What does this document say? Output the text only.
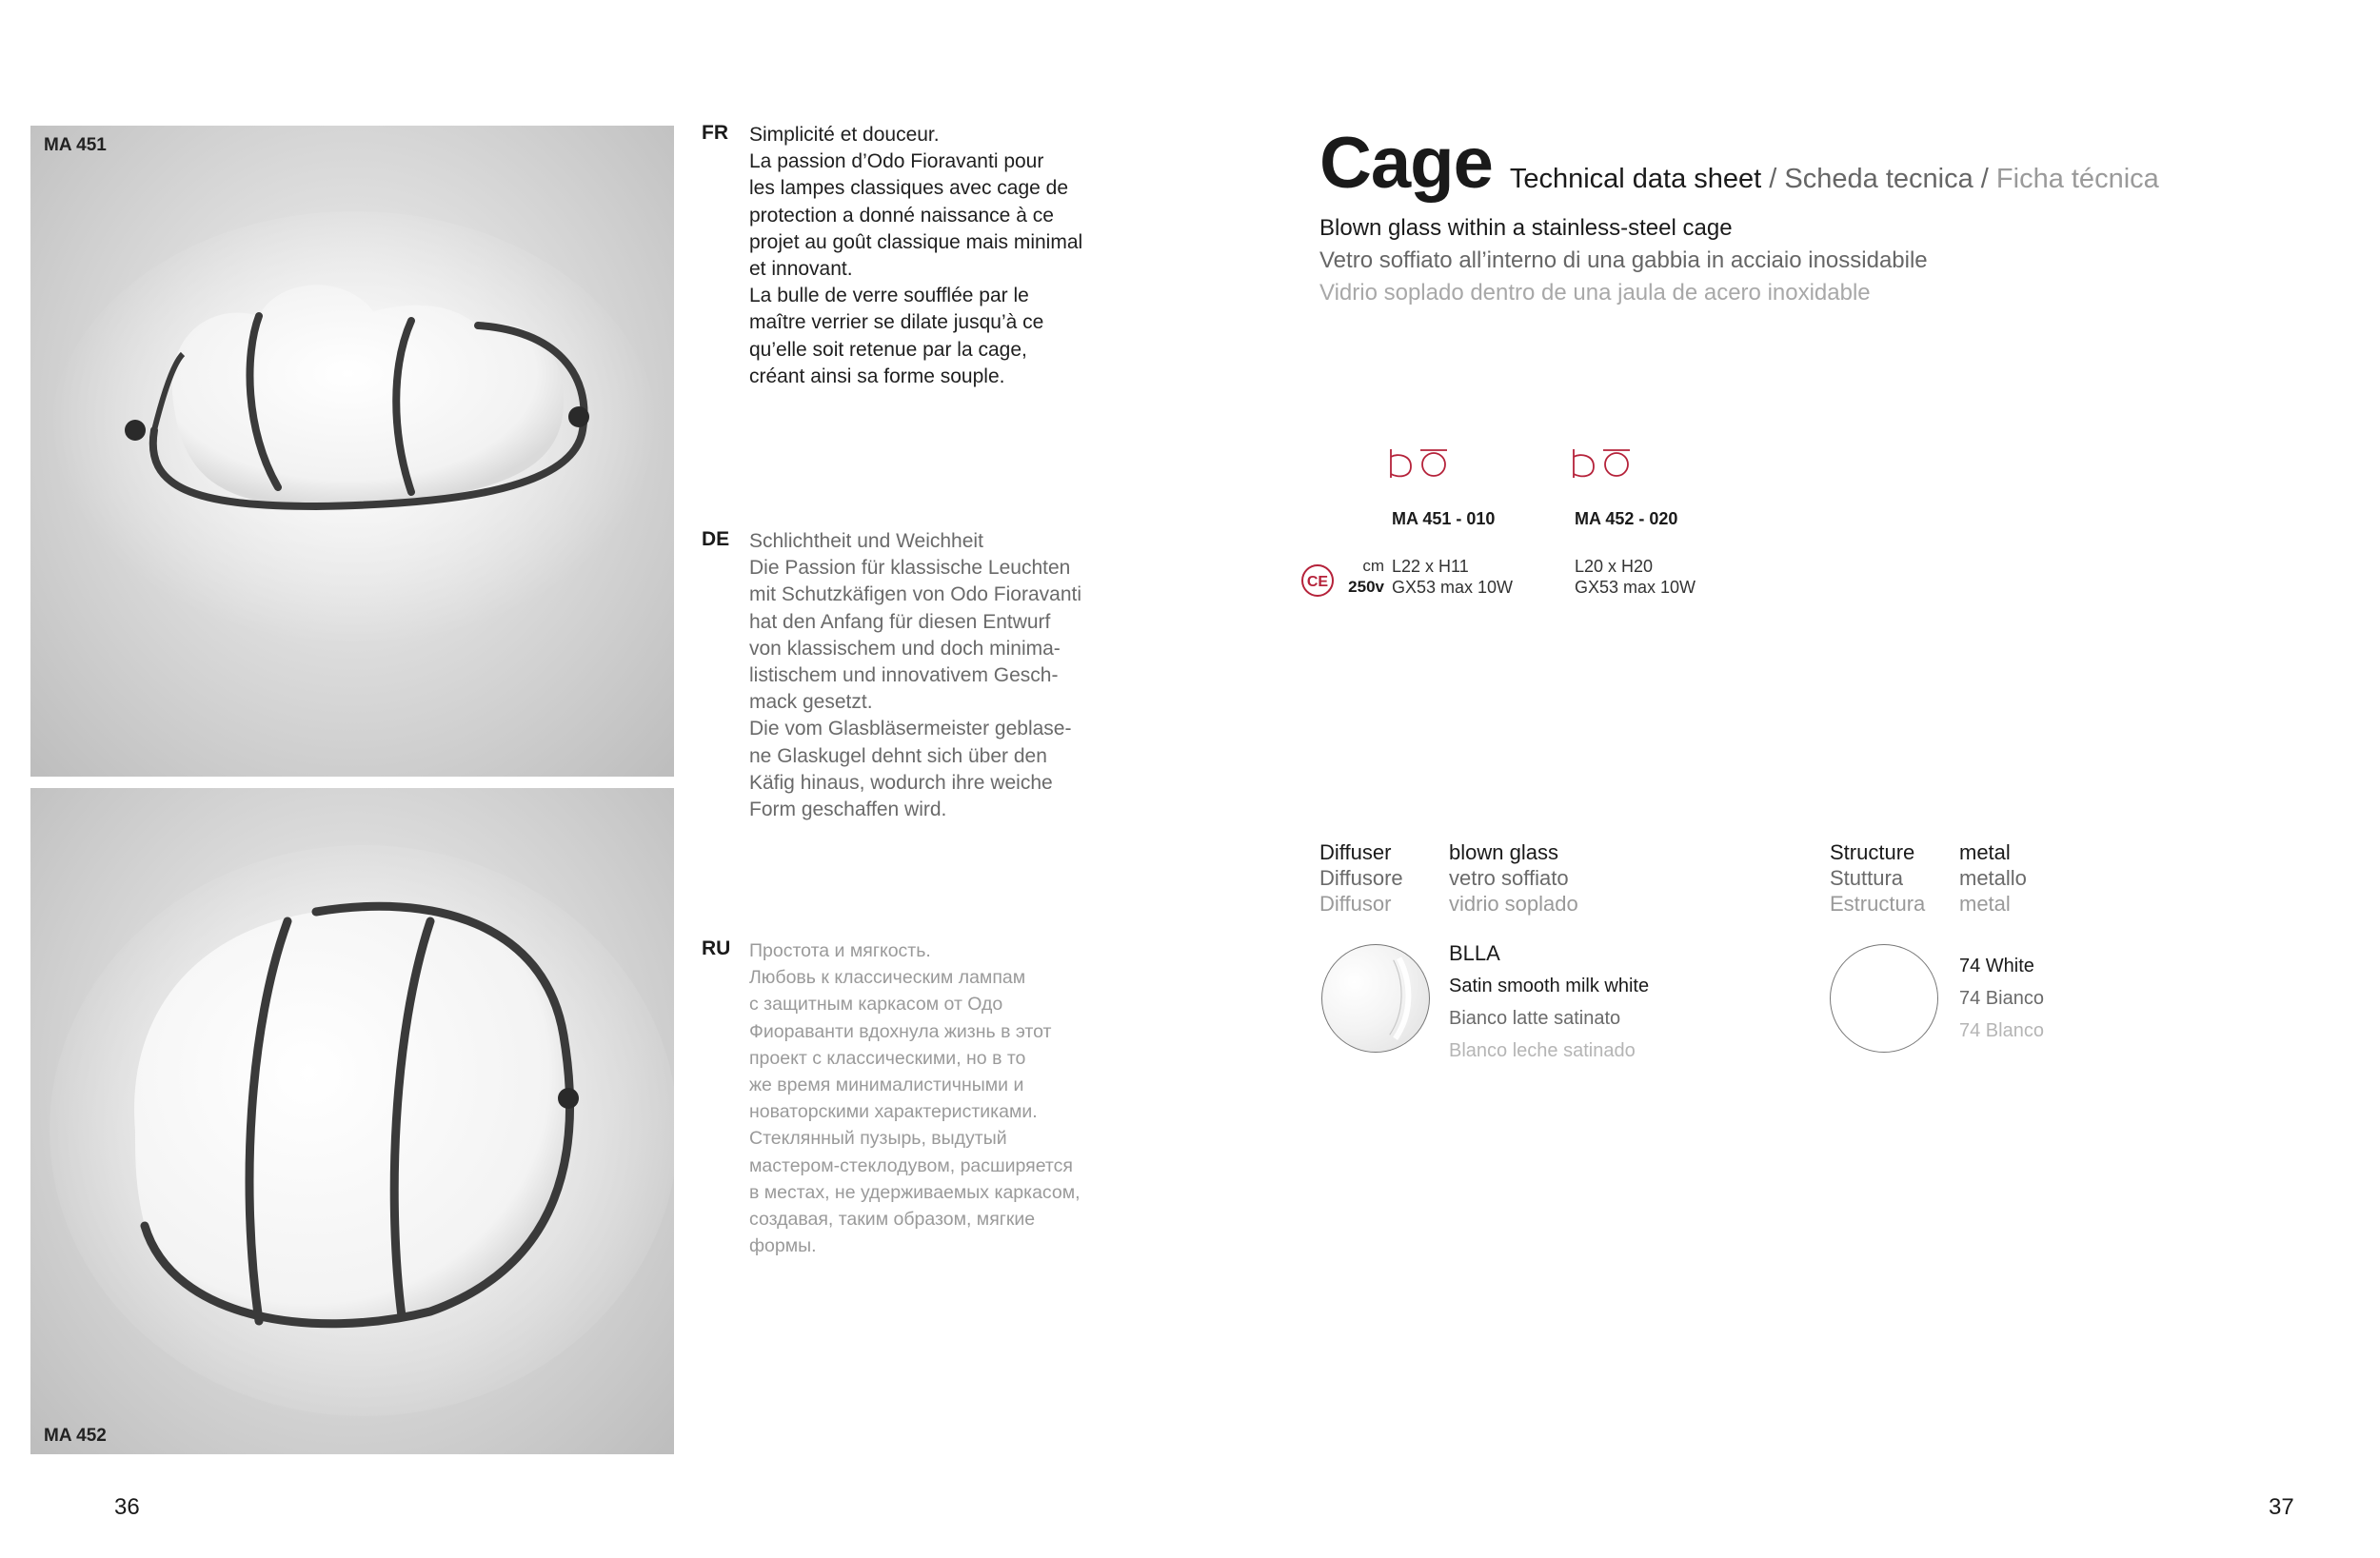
MA 451
MA 452
FR Simplicité et douceur.
La passion d’Odo Fioravanti pour
les lampes classiques avec cage de
protection a donné naissance à ce
projet au goût classique mais minimal
et innovant.
La bulle de verre soufflée par le
maître verrier se dilate jusqu’à ce
qu’elle soit retenue par la cage,
créant ainsi sa forme souple.
DE Schlichtheit und Weichheit
Die Passion für klassische Leuchten
mit Schutzkäfigen von Odo Fioravanti
hat den Anfang für diesen Entwurf
von klassischem und doch minima-
listischem und innovativem Gesch-
mack gesetzt.
Die vom Glasbläsermeister geblase-
ne Glaskugel dehnt sich über den
Käfig hinaus, wodurch ihre weiche
Form geschaffen wird.
RU Простота и мягкость.
Любовь к классическим лампам
с защитным каркасом от Одо
Фиораванти вдохнула жизнь в этот
проект с классическими, но в то
же время минималистичными и
новаторскими характеристиками.
Стеклянный пузырь, выдутый
мастером-стеклодувом, расширяется
в местах, не удерживаемых каркасом,
создавая, таким образом, мягкие
формы.
Cage Technical data sheet / Scheda tecnica / Ficha técnica
Blown glass within a stainless-steel cage
Vetro soffiato all’interno di una gabbia in acciaio inossidabile
Vidrio soplado dentro de una jaula de acero inoxidable
MA 451 - 010	MA 452 - 020
CE
cm
250v
L22 x H11
GX53 max 10W
L20 x H20
GX53 max 10W
Diffuser
Diffusore
Diffusor
blown glass
vetro soffiato
vidrio soplado
Structure
Stuttura
Estructura
metal
metallo
metal
BLLA
Satin smooth milk white
Bianco latte satinato
Blanco leche satinado
74 White
74 Bianco
74 Blanco
36	37
